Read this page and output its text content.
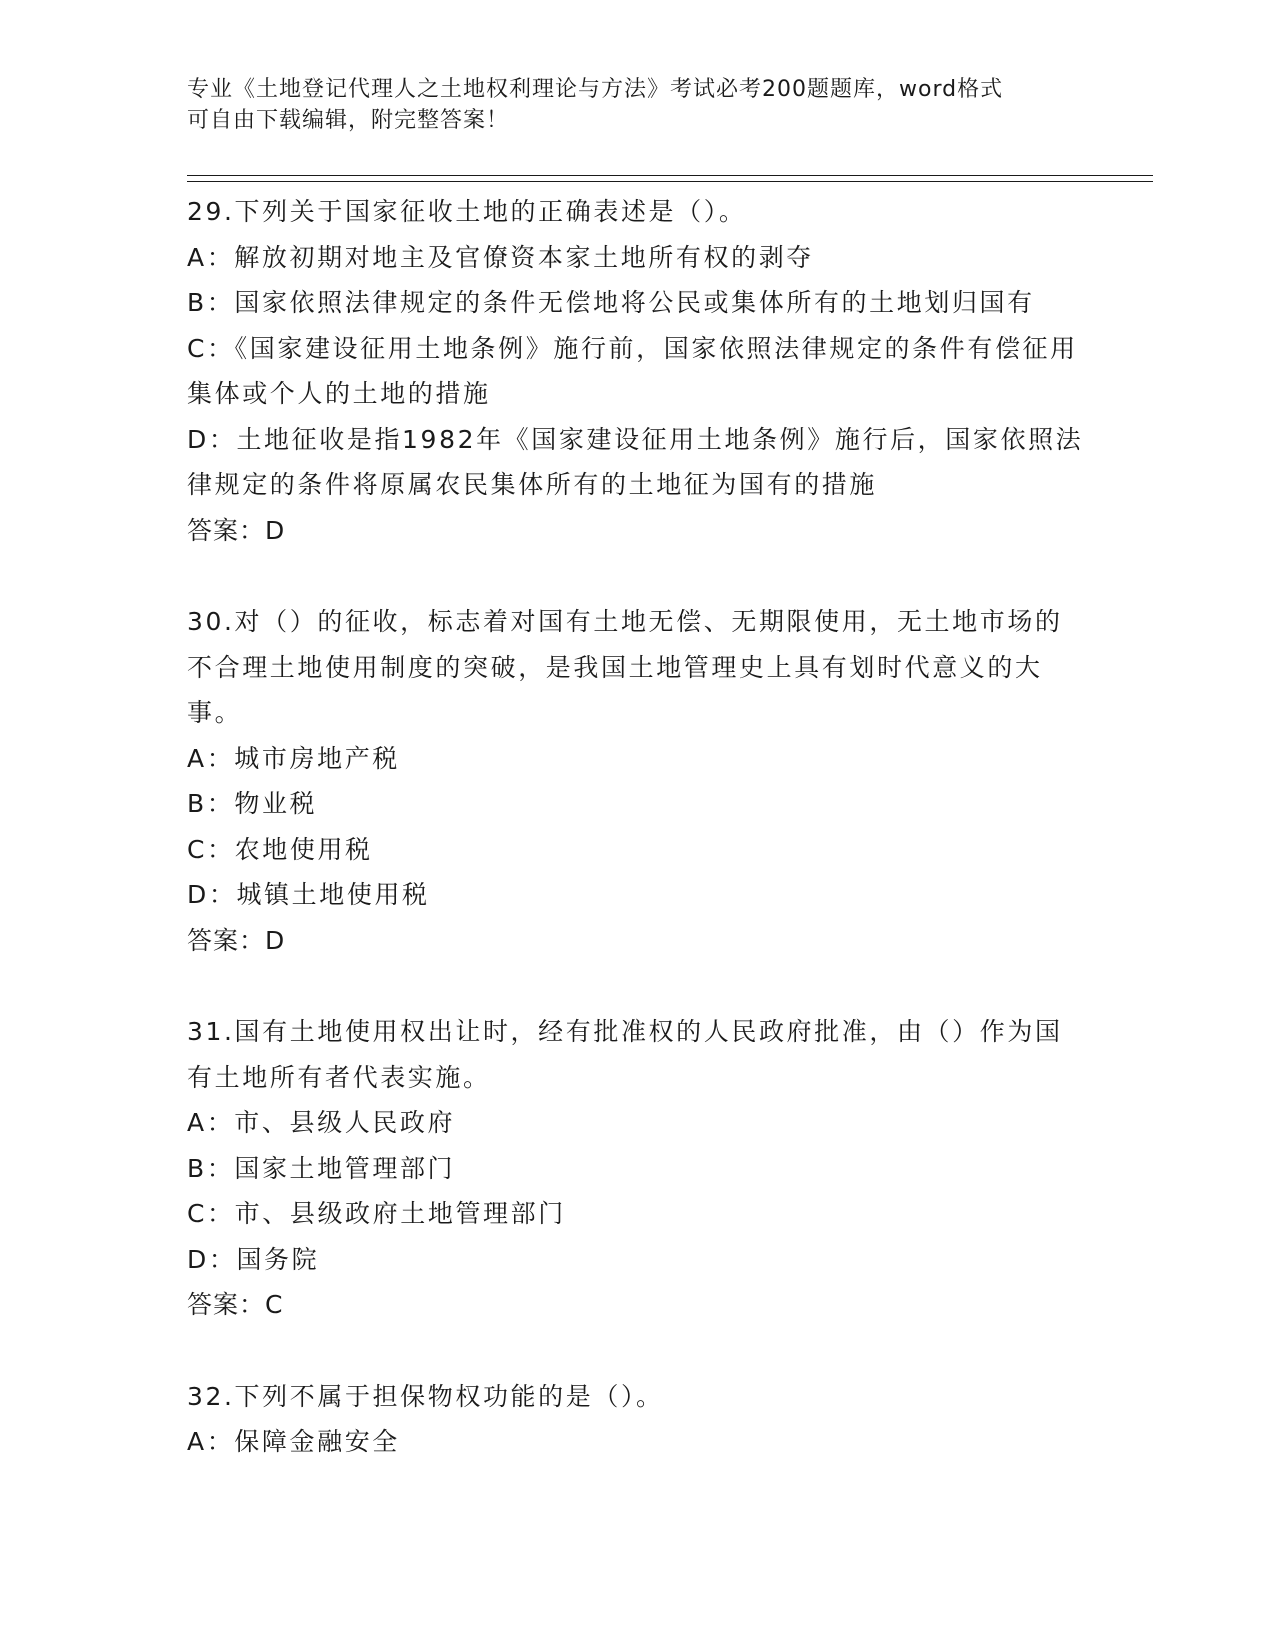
专业《土地登记代理人之土地权利理论与方法》考试必考200题题库，word格式
可自由下载编辑，附完整答案！

29.下列关于国家征收土地的正确表述是（）。

A：解放初期对地主及官僚资本家土地所有权的剥夺

B：国家依照法律规定的条件无偿地将公民或集体所有的土地划归国有

C：《国家建设征用土地条例》施行前，国家依照法律规定的条件有偿征用集体或个人的土地的措施

D：土地征收是指1982年《国家建设征用土地条例》施行后，国家依照法律规定的条件将原属农民集体所有的土地征为国有的措施

答案：D

30.对（）的征收，标志着对国有土地无偿、无期限使用，无土地市场的不合理土地使用制度的突破，是我国土地管理史上具有划时代意义的大事。

A：城市房地产税

B：物业税

C：农地使用税

D：城镇土地使用税

答案：D

31.国有土地使用权出让时，经有批准权的人民政府批准，由（）作为国有土地所有者代表实施。

A：市、县级人民政府

B：国家土地管理部门

C：市、县级政府土地管理部门

D：国务院

答案：C

32.下列不属于担保物权功能的是（）。

A：保障金融安全
